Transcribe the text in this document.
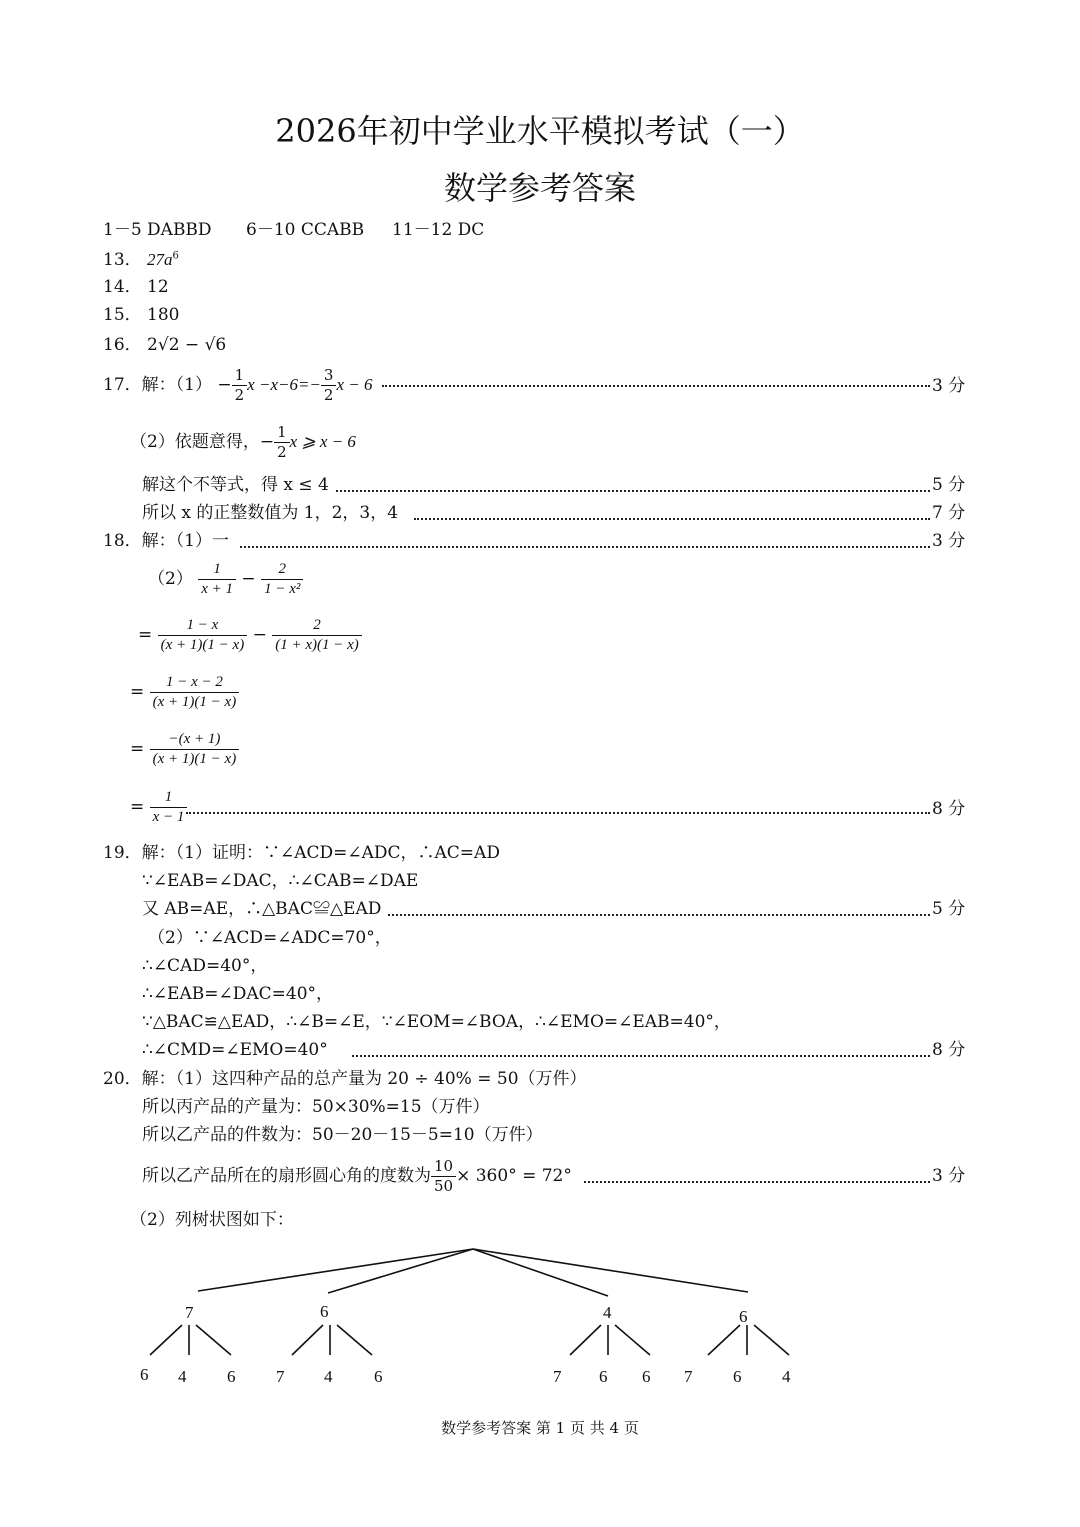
2026年初中学业水平模拟考试（一）
数学参考答案
1－5 DABBD 6－10 CCABB 11－12 DC
13． $27a^6$
14． 12
15． 180
16． 2√2 − √6
17．解：$(1) - \frac{1}{2}$ $x -x-6=- \frac{3}{2}$ x − 6	3 分
（2）依题意得，− $\frac{1}{2}$ x ⩾ x − 6
解这个不等式，得 x ≤ 4	5 分
所以 x 的正整数值为 1，2，3，4	7 分
18．解：（1）一	3 分
$(2) \frac{1}{x + 1} - \frac{2}{\text{1 − x²}}$
= $\frac{1 - x}{(x + 1)(1 - x)} - \frac{2}{(1 + x)(1 - x)}$
= $\frac{1 - x - 2}{(x + 1)(1 - x)}$
= $\frac{-(x + 1)}{(x + 1)(1 - x)}$
= $\frac{1}{x - 1}$	8 分
19．解：（1）证明：∵∠ACD=∠ADC，∴AC=AD
∵∠EAB=∠DAC，∴∠CAB=∠DAE
又 AB=AE，∴△BAC≌△EAD	5 分
（2）∵∠ACD=∠ADC=70°，
∴∠CAD=40°，
∴∠EAB=∠DAC=40°，
∵△BAC≌△EAD，∴∠B=∠E，∵∠EOM=∠BOA，∴∠EMO=∠EAB=40°，
∴∠CMD=∠EMO=40°	8 分
20．解：（1）这四种产品的总产量为 20 ÷ 40% = 50（万件）
所以丙产品的产量为：50×30%=15（万件）
所以乙产品的件数为：50－20－15－5=10（万件）
所以乙产品所在的扇形圆心角的度数为 $\frac{10}{50} \times 360^\circ = 72^\circ$	3 分
（2）列树状图如下：
7	6	4	6
6 4 6 7 4 6	7 6 6 7 6 4
数学参考答案 第 1 页 共 4 页
